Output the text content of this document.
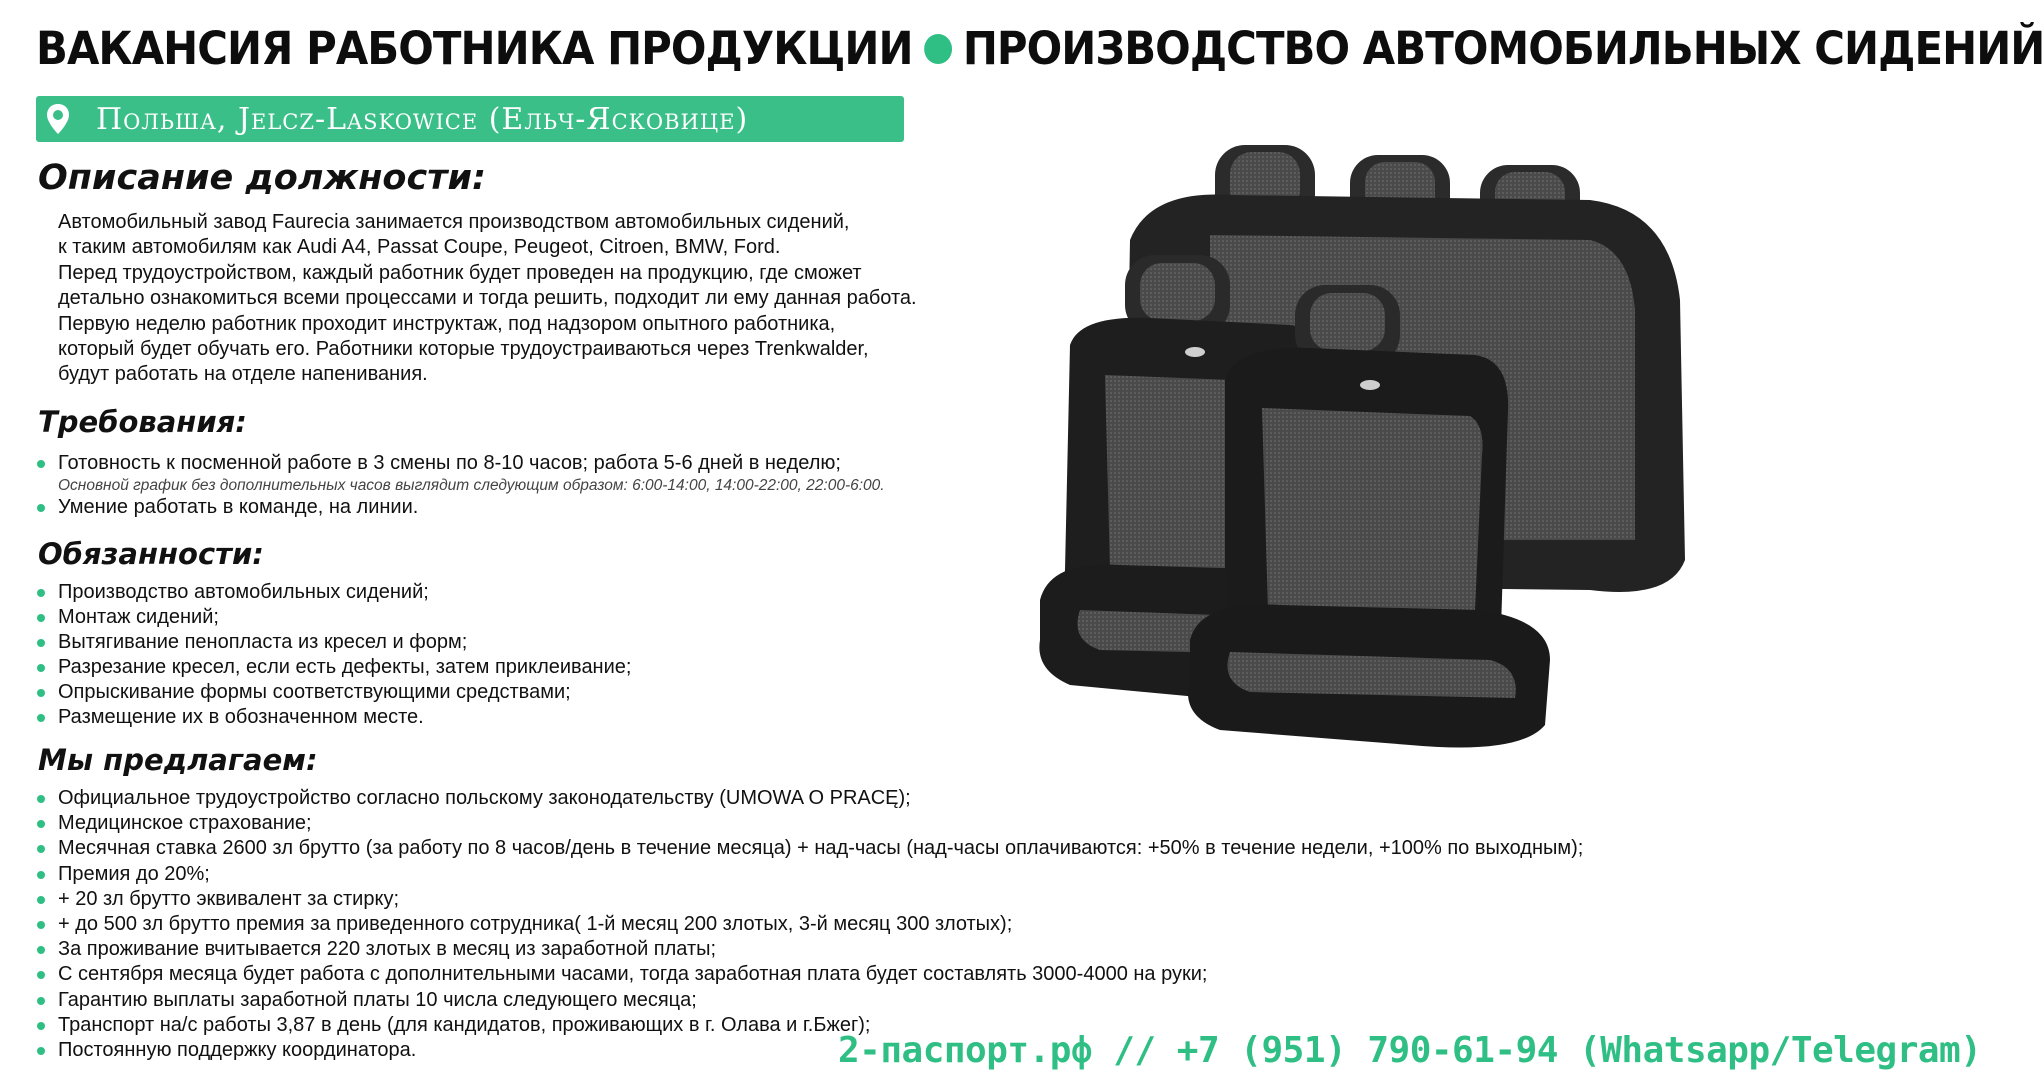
ВАКАНСИЯ РАБОТНИКА ПРОДУКЦИИ ПРОИЗВОДСТВО АВТОМОБИЛЬНЫХ СИДЕНИЙ
Польша, Jelcz-Laskowice (Ельч-Ясковице)
Описание должности:
Автомобильный завод Faurecia занимается производством автомобильных сидений,
к таким автомобилям как Audi A4, Passat Coupe, Peugeot, Citroen, BMW, Ford.
Перед трудоустройством, каждый работник будет проведен на продукцию, где сможет
детально ознакомиться всеми процессами и тогда решить, подходит ли ему данная работа.
Первую неделю работник проходит инструктаж, под надзором опытного работника,
который будет обучать его. Работники которые трудоустраиваються через Trenkwalder,
будут работать на отделе напенивания.
Требования:
Готовность к посменной работе в 3 смены по 8-10 часов; работа 5-6 дней в неделю;
Основной график без дополнительных часов выглядит следующим образом: 6:00-14:00, 14:00-22:00, 22:00-6:00.
Умение работать в команде, на линии.
Обязанности:
Производство автомобильных сидений;
Монтаж сидений;
Вытягивание пенопласта из кресел и форм;
Разрезание кресел, если есть дефекты, затем приклеивание;
Опрыскивание формы соответствующими средствами;
Размещение их в обозначенном месте.
Мы предлагаем:
Официальное трудоустройство согласно польскому законодательству (UMOWA O PRACĘ);
Медицинское страхование;
Месячная ставка 2600 зл брутто (за работу по 8 часов/день в течение месяца) + над-часы (над-часы оплачиваются: +50% в течение недели, +100% по выходным);
Премия до 20%;
+ 20 зл брутто эквивалент за стирку;
+ до 500 зл брутто премия за приведенного сотрудника( 1-й месяц 200 злотых, 3-й месяц 300 злотых);
За проживание вчитывается 220 злотых в месяц из заработной платы;
С сентября месяца будет работа с дополнительными часами, тогда заработная плата будет составлять 3000-4000 на руки;
Гарантию выплаты заработной платы 10 числа следующего месяца;
Транспорт на/с работы 3,87 в день (для кандидатов, проживающих в г. Олава и г.Бжег);
Постоянную поддержку координатора.	2-паспорт.рф // +7 (951) 790-61-94 (Whatsapp/Telegram)
